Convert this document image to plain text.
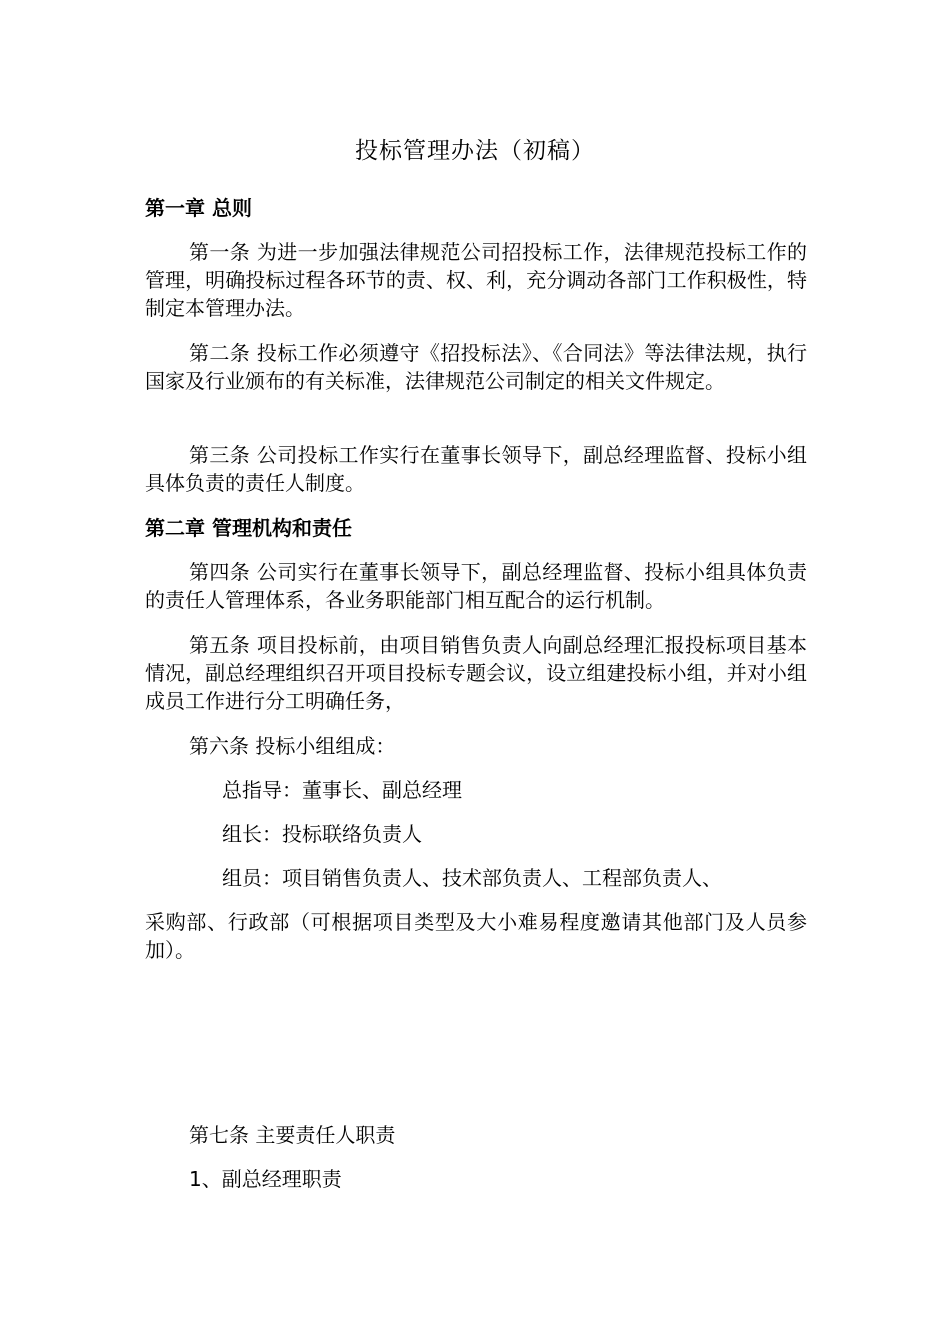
投标管理办法（初稿）
第一章 总则

第一条 为进一步加强法律规范公司招投标工作，法律规范投标工作的管理，明确投标过程各环节的责、权、利，充分调动各部门工作积极性，特制定本管理办法。

第二条 投标工作必须遵守《招投标法》、《合同法》等法律法规，执行国家及行业颁布的有关标准，法律规范公司制定的相关文件规定。

第三条 公司投标工作实行在董事长领导下，副总经理监督、投标小组具体负责的责任人制度。

第二章 管理机构和责任

第四条 公司实行在董事长领导下，副总经理监督、投标小组具体负责的责任人管理体系，各业务职能部门相互配合的运行机制。

第五条 项目投标前，由项目销售负责人向副总经理汇报投标项目基本情况，副总经理组织召开项目投标专题会议，设立组建投标小组，并对小组成员工作进行分工明确任务，

第六条 投标小组组成：

总指导：董事长、副总经理

组长：投标联络负责人

组员：项目销售负责人、技术部负责人、工程部负责人、

采购部、行政部（可根据项目类型及大小难易程度邀请其他部门及人员参加）。

第七条 主要责任人职责

1、副总经理职责
